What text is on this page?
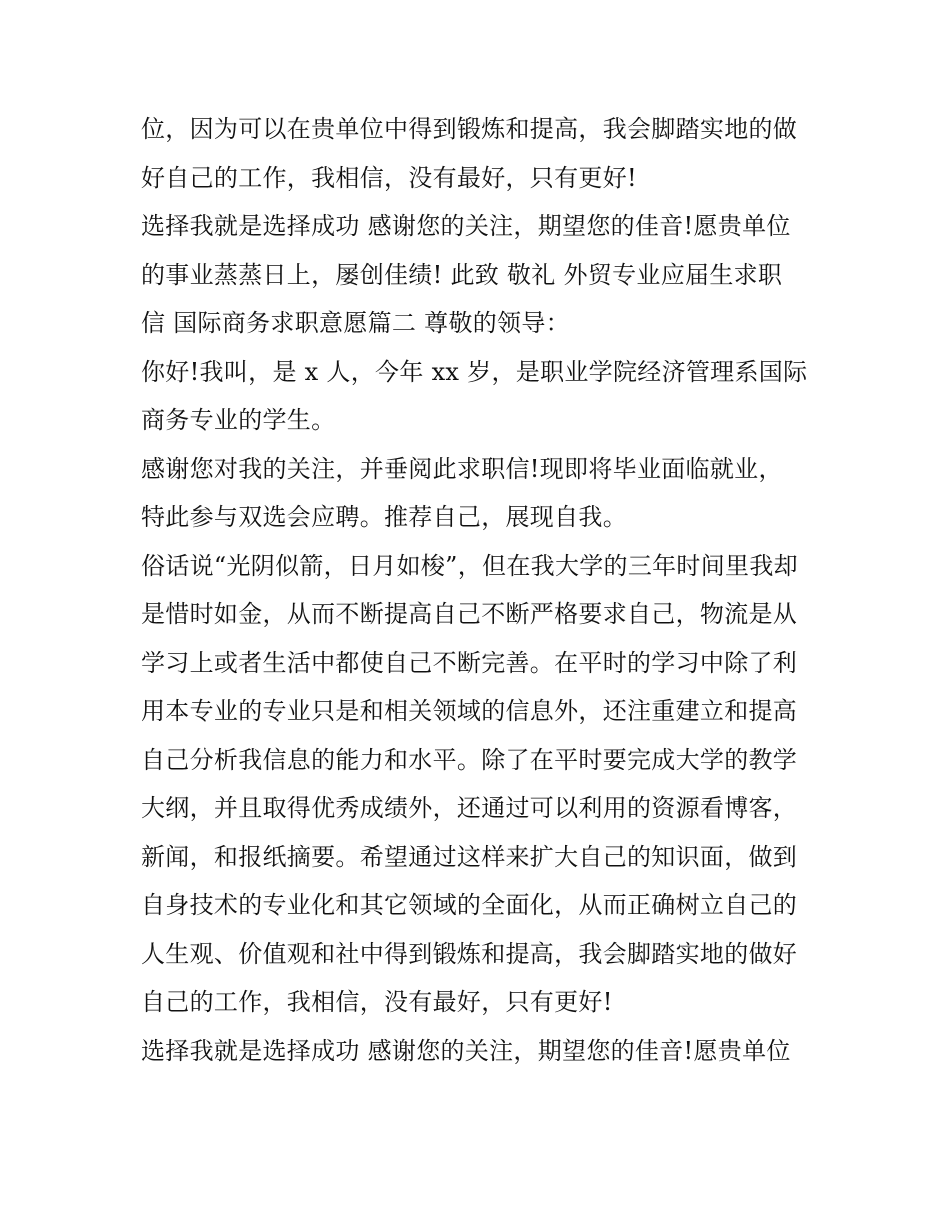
位，因为可以在贵单位中得到锻炼和提高，我会脚踏实地的做
好自己的工作，我相信，没有最好，只有更好!
选择我就是选择成功 感谢您的关注，期望您的佳音!愿贵单位
的事业蒸蒸日上，屡创佳绩! 此致 敬礼 外贸专业应届生求职
信 国际商务求职意愿篇二 尊敬的领导：
你好!我叫，是 x 人，今年 xx 岁，是职业学院经济管理系国际
商务专业的学生。
感谢您对我的关注，并垂阅此求职信!现即将毕业面临就业，
特此参与双选会应聘。推荐自己，展现自我。
俗话说“光阴似箭，日月如梭”，但在我大学的三年时间里我却
是惜时如金，从而不断提高自己不断严格要求自己，物流是从
学习上或者生活中都使自己不断完善。在平时的学习中除了利
用本专业的专业只是和相关领域的信息外，还注重建立和提高
自己分析我信息的能力和水平。除了在平时要完成大学的教学
大纲，并且取得优秀成绩外，还通过可以利用的资源看博客，
新闻，和报纸摘要。希望通过这样来扩大自己的知识面，做到
自身技术的专业化和其它领域的全面化，从而正确树立自己的
人生观、价值观和社中得到锻炼和提高，我会脚踏实地的做好
自己的工作，我相信，没有最好，只有更好!
选择我就是选择成功 感谢您的关注，期望您的佳音!愿贵单位
